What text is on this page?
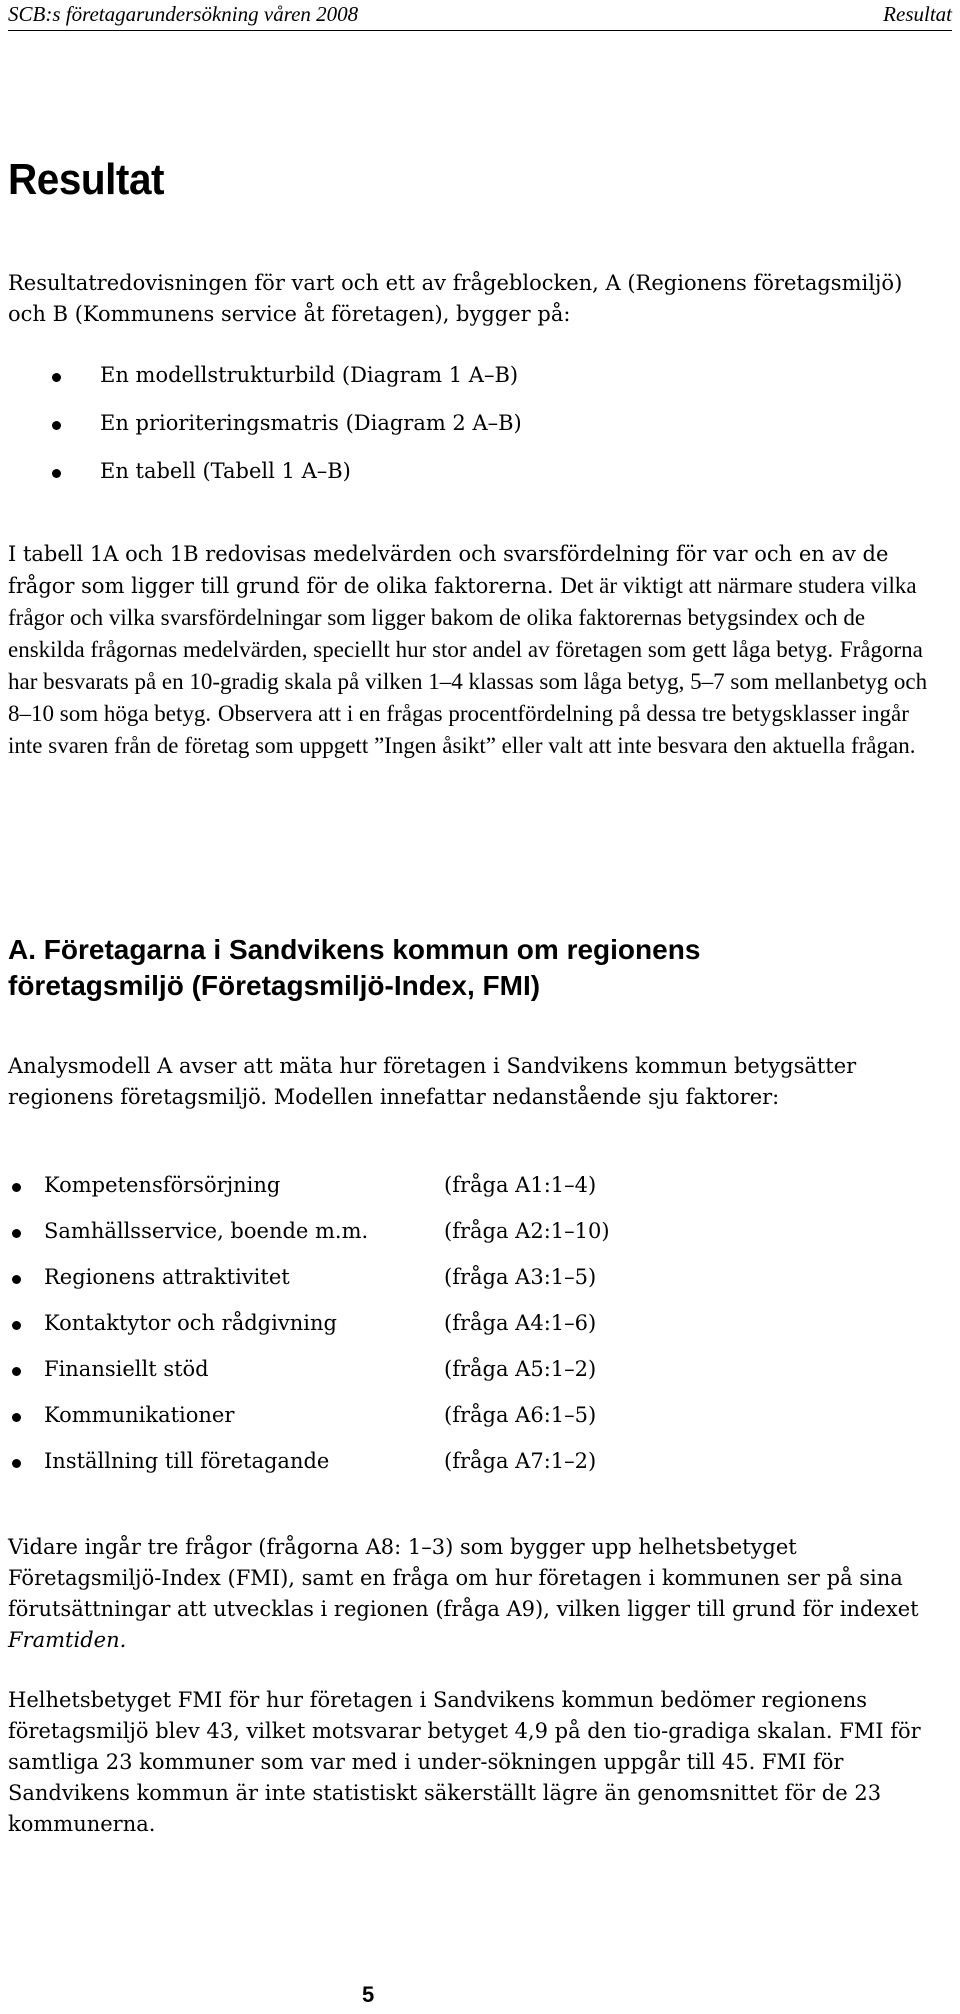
SCB:s företagarundersökning våren 2008	Resultat
Resultat

Resultatredovisningen för vart och ett av frågeblocken, A (Regionens företagsmiljö) och B (Kommunens service åt företagen), bygger på:

En modellstrukturbild (Diagram 1 A–B)
En prioriteringsmatris (Diagram 2 A–B)
En tabell (Tabell 1 A–B)

I tabell 1A och 1B redovisas medelvärden och svarsfördelning för var och en av de frågor som ligger till grund för de olika faktorerna. Det är viktigt att närmare studera vilka frågor och vilka svarsfördelningar som ligger bakom de olika faktorernas betygsindex och de enskilda frågornas medelvärden, speciellt hur stor andel av företagen som gett låga betyg. Frågorna har besvarats på en 10-gradig skala på vilken 1–4 klassas som låga betyg, 5–7 som mellanbetyg och 8–10 som höga betyg. Observera att i en frågas procentfördelning på dessa tre betygsklasser ingår inte svaren från de företag som uppgett ”Ingen åsikt” eller valt att inte besvara den aktuella frågan.

A. Företagarna i Sandvikens kommun om regionens
företagsmiljö (Företagsmiljö-Index, FMI)

Analysmodell A avser att mäta hur företagen i Sandvikens kommun betygsätter regionens företagsmiljö. Modellen innefattar nedanstående sju faktorer:

Kompetensförsörjning	(fråga A1:1–4)
Samhällsservice, boende m.m.	(fråga A2:1–10)
Regionens attraktivitet	(fråga A3:1–5)
Kontaktytor och rådgivning	(fråga A4:1–6)
Finansiellt stöd	(fråga A5:1–2)
Kommunikationer	(fråga A6:1–5)
Inställning till företagande	(fråga A7:1–2)

Vidare ingår tre frågor (frågorna A8: 1–3) som bygger upp helhetsbetyget Företagsmiljö-Index (FMI), samt en fråga om hur företagen i kommunen ser på sina förutsättningar att utvecklas i regionen (fråga A9), vilken ligger till grund för indexet Framtiden.

Helhetsbetyget FMI för hur företagen i Sandvikens kommun bedömer regionens företagsmiljö blev 43, vilket motsvarar betyget 4,9 på den tio-gradiga skalan. FMI för samtliga 23 kommuner som var med i under-sökningen uppgår till 45. FMI för Sandvikens kommun är inte statistiskt säkerställt lägre än genomsnittet för de 23 kommunerna.

5
